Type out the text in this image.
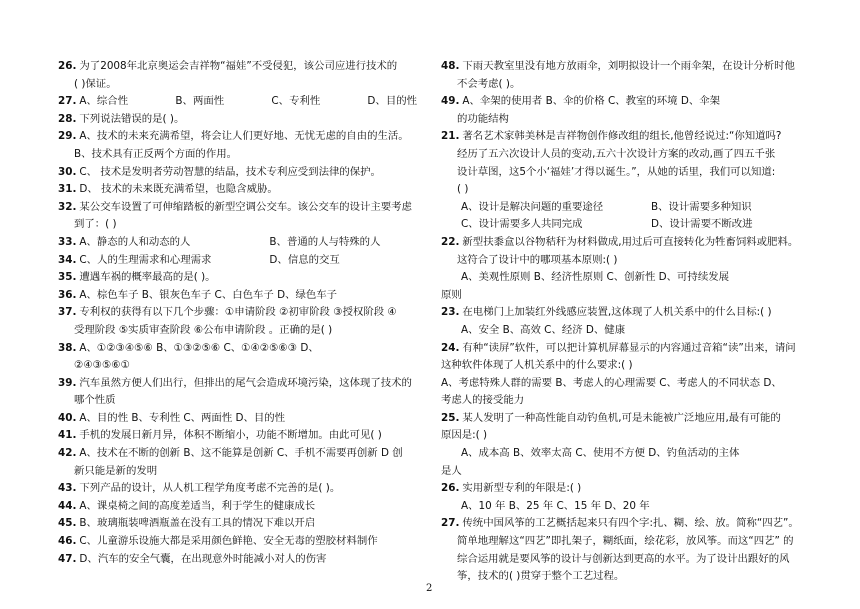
26. 为了2008年北京奥运会吉祥物“福娃”不受侵犯，该公司应进行技术的
( )保证。
27. A、综合性	B、两面性	C、专利性	D、目的性
28. 下列说法错误的是( )。
29. A、技术的未来充满希望，将会让人们更好地、无忧无虑的自由的生活。
B、技术具有正反两个方面的作用。
30. C、 技术是发明者劳动智慧的结晶，技术专利应受到法律的保护。
31. D、 技术的未来既充满希望，也隐含威胁。
32. 某公交车设置了可伸缩踏板的新型空调公交车。该公交车的设计主要考虑
到了：( )
33. A、静态的人和动态的人	B、普通的人与特殊的人
34. C、人的生理需求和心理需求	D、信息的交互
35. 遭遇车祸的概率最高的是( )。
36. A、棕色车子 B、银灰色车子 C、白色车子 D、绿色车子
37. 专利权的获得有以下几个步骤：①申请阶段 ②初审阶段 ③授权阶段 ④
受理阶段 ⑤实质审查阶段 ⑥公布申请阶段 。正确的是( )
38. A、①②③④⑤⑥ B、①③②⑤⑥ C、①④②⑤⑥③ D、
②④③⑤⑥①
39. 汽车虽然方便人们出行，但排出的尾气会造成环境污染，这体现了技术的
哪个性质
40. A、目的性 B、专利性 C、两面性 D、目的性
41. 手机的发展日新月异，体积不断缩小，功能不断增加。由此可见( )
42. A、技术在不断的创新 B、这不能算是创新 C、手机不需要再创新 D 创
新只能是新的发明
43. 下列产品的设计，从人机工程学角度考虑不完善的是( )。
44. A、课桌椅之间的高度差适当，利于学生的健康成长
45. B、玻璃瓶装啤酒瓶盖在没有工具的情况下难以开启
46. C、儿童游乐设施大都是采用颜色鲜艳、安全无毒的塑胶材料制作
47. D、汽车的安全气囊，在出现意外时能减小对人的伤害
48. 下雨天教室里没有地方放雨伞，刘明拟设计一个雨伞架，在设计分析时他
不会考虑( )。
49. A、伞架的使用者 B、伞的价格 C、教室的环境 D、伞架
的功能结构
21. 著名艺术家韩美林是吉祥物创作修改组的组长,他曾经说过:“你知道吗?
经历了五六次设计人员的变动,五六十次设计方案的改动,画了四五千张
设计草图，这5个小‘福娃’才得以诞生。”，从她的话里，我们可以知道:
( )
A、设计是解决问题的重要途径	B、设计需要多种知识
C、设计需要多人共同完成	D、设计需要不断改进
22. 新型扶黍盒以谷物秸秆为材料做成,用过后可直接转化为牲畜饲料或肥料。
这符合了设计中的哪项基本原则:( )
A、美观性原则 B、经济性原则 C、创新性 D、可持续发展
原则
23. 在电梯门上加装红外线感应装置,这体现了人机关系中的什么目标:( )
A、安全 B、高效 C、经济 D、健康
24. 有种“读屏”软件，可以把计算机屏幕显示的内容通过音箱“读”出来，请问
这种软件体现了人机关系中的什么要求:( )
A、考虑特殊人群的需要 B、考虑人的心理需要 C、考虑人的不同状态 D、
考虑人的接受能力
25. 某人发明了一种高性能自动钓鱼机,可是未能被广泛地应用,最有可能的
原因是:( )
A、成本高 B、效率太高 C、使用不方便 D、钓鱼活动的主体
是人
26. 实用新型专利的年限是:( )
A、10 年 B、25 年 C、15 年 D、20 年
27. 传统中国风筝的工艺概括起来只有四个字:扎、糊、绘、放。简称“四艺”。
简单地理解这“四艺”即扎架子，糊纸面，绘花彩，放风筝。而这“四艺” 的
综合运用就是要风筝的设计与创新达到更高的水平。为了设计出跟好的风
筝，技术的( )贯穿于整个工艺过程。
2
